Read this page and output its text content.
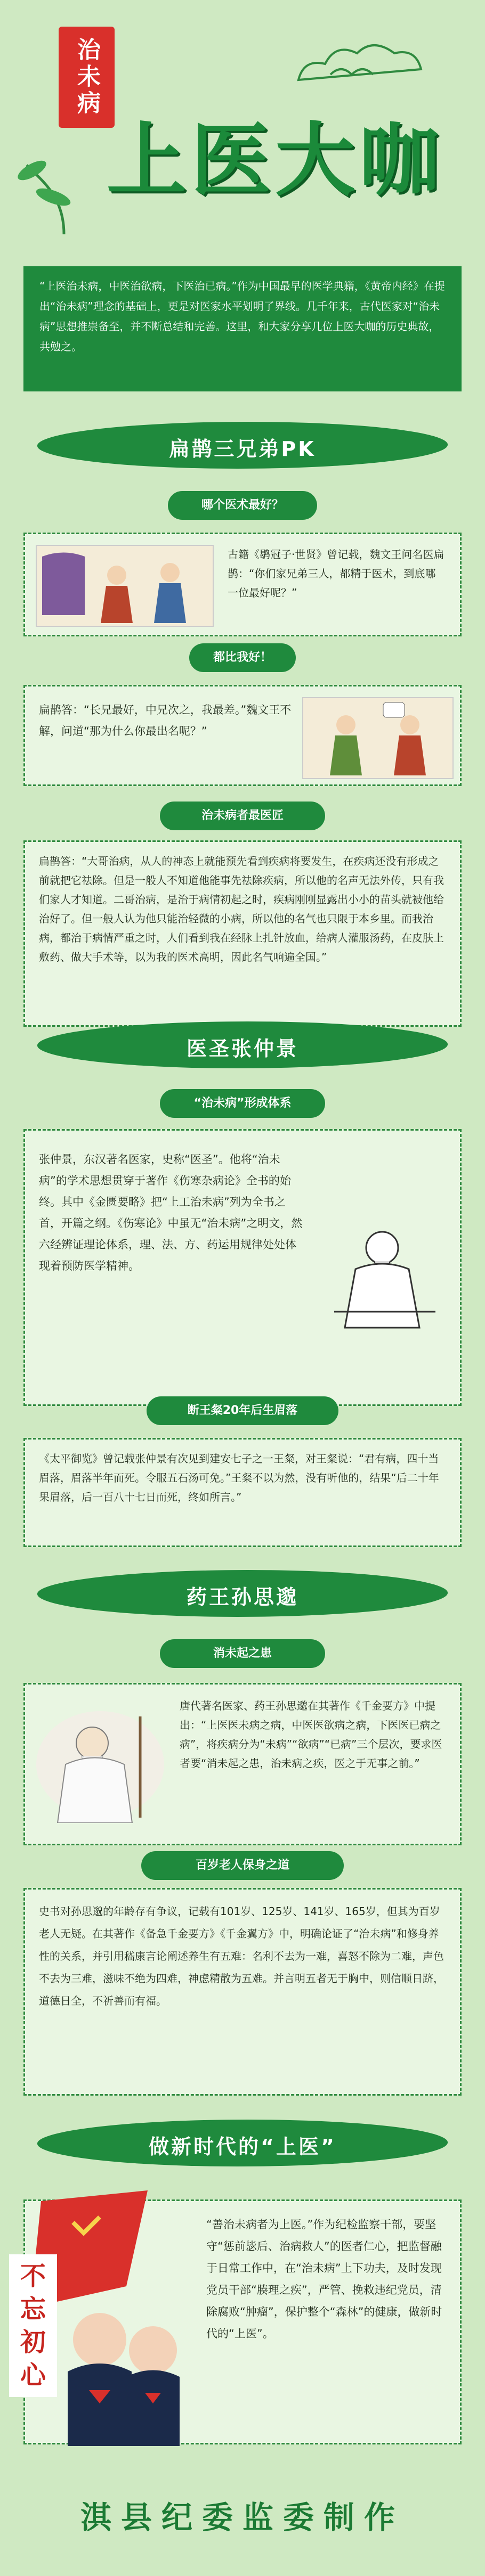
治未病
上医大咖

“上医治未病，中医治欲病，下医治已病。”作为中国最早的医学典籍，《黄帝内经》在提出“治未病”理念的基础上，更是对医家水平划明了界线。几千年来，古代医家对“治未病”思想推崇备至，并不断总结和完善。这里，和大家分享几位上医大咖的历史典故，共勉之。

扁鹊三兄弟PK
哪个医术最好？

古籍《鹖冠子·世贤》曾记载，魏文王问名医扁鹊：“你们家兄弟三人，都精于医术，到底哪一位最好呢？”

都比我好！

扁鹊答：“长兄最好，中兄次之，我最差。”魏文王不解，问道“那为什么你最出名呢？”

治未病者最医匠

扁鹊答：“大哥治病，从人的神态上就能预先看到疾病将要发生，在疾病还没有形成之前就把它祛除。但是一般人不知道他能事先祛除疾病，所以他的名声无法外传，只有我们家人才知道。二哥治病，是治于病情初起之时，疾病刚刚显露出小小的苗头就被他给治好了。但一般人认为他只能治轻微的小病，所以他的名气也只限于本乡里。而我治病，都治于病情严重之时，人们看到我在经脉上扎针放血，给病人灌服汤药，在皮肤上敷药、做大手术等，以为我的医术高明，因此名气响遍全国。”

医圣张仲景
“治未病”形成体系

张仲景，东汉著名医家，史称“医圣”。他将“治未病”的学术思想贯穿于著作《伤寒杂病论》全书的始终。其中《金匮要略》把“上工治未病”列为全书之首，开篇之纲。《伤寒论》中虽无“治未病”之明文，然六经辨证理论体系，理、法、方、药运用规律处处体现着预防医学精神。

断王粲20年后生眉落

《太平御览》曾记载张仲景有次见到建安七子之一王粲，对王粲说：“君有病，四十当眉落，眉落半年而死。令服五石汤可免。”王粲不以为然，没有听他的，结果“后二十年果眉落，后一百八十七日而死，终如所言。”

药王孙思邈
消未起之患

唐代著名医家、药王孙思邈在其著作《千金要方》中提出：“上医医未病之病，中医医欲病之病，下医医已病之病”，将疾病分为“未病”“欲病”“已病”三个层次，要求医者要“消未起之患，治未病之疾，医之于无事之前。”

百岁老人保身之道

史书对孙思邈的年龄存有争议，记载有101岁、125岁、141岁、165岁，但其为百岁老人无疑。在其著作《备急千金要方》《千金翼方》中，明确论证了“治未病”和修身养性的关系，并引用嵇康言论阐述养生有五难：名利不去为一难，喜怒不除为二难，声色不去为三难，滋味不绝为四难，神虑精散为五难。并言明五者无于胸中，则信顺日跻，道德日全，不祈善而有福。

做新时代的“上医”
不忘初心

“善治未病者为上医。”作为纪检监察干部，要坚守“惩前毖后、治病救人”的医者仁心，把监督融于日常工作中，在“治未病”上下功夫，及时发现党员干部“腠理之疾”，严管、挽救违纪党员，清除腐败“肿瘤”，保护整个“森林”的健康，做新时代的“上医”。

淇县纪委监委制作
